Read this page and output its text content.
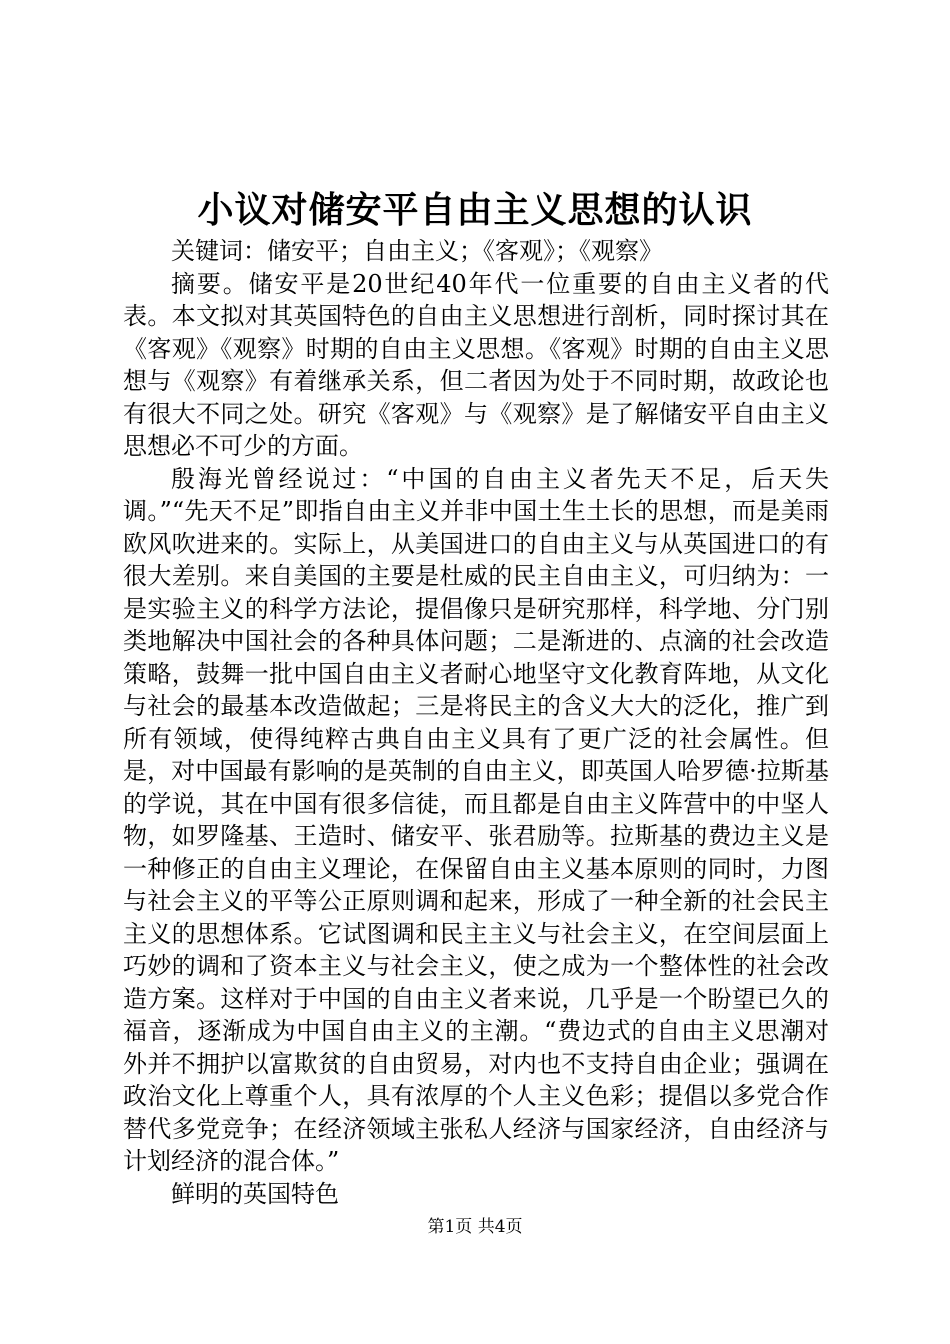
小议对储安平自由主义思想的认识

关键词：储安平；自由主义；《客观》；《观察》

摘要。储安平是20世纪40年代一位重要的自由主义者的代表。本文拟对其英国特色的自由主义思想进行剖析，同时探讨其在《客观》《观察》时期的自由主义思想。《客观》时期的自由主义思想与《观察》有着继承关系，但二者因为处于不同时期，故政论也有很大不同之处。研究《客观》与《观察》是了解储安平自由主义思想必不可少的方面。

殷海光曾经说过：“中国的自由主义者先天不足，后天失调。”“先天不足”即指自由主义并非中国土生土长的思想，而是美雨欧风吹进来的。实际上，从美国进口的自由主义与从英国进口的有很大差别。来自美国的主要是杜威的民主自由主义，可归纳为：一是实验主义的科学方法论，提倡像只是研究那样，科学地、分门别类地解决中国社会的各种具体问题；二是渐进的、点滴的社会改造策略，鼓舞一批中国自由主义者耐心地坚守文化教育阵地，从文化与社会的最基本改造做起；三是将民主的含义大大的泛化，推广到所有领域，使得纯粹古典自由主义具有了更广泛的社会属性。但是，对中国最有影响的是英制的自由主义，即英国人哈罗德·拉斯基的学说，其在中国有很多信徒，而且都是自由主义阵营中的中坚人物，如罗隆基、王造时、储安平、张君励等。拉斯基的费边主义是一种修正的自由主义理论，在保留自由主义基本原则的同时，力图与社会主义的平等公正原则调和起来，形成了一种全新的社会民主主义的思想体系。它试图调和民主主义与社会主义，在空间层面上巧妙的调和了资本主义与社会主义，使之成为一个整体性的社会改造方案。这样对于中国的自由主义者来说，几乎是一个盼望已久的福音，逐渐成为中国自由主义的主潮。“费边式的自由主义思潮对外并不拥护以富欺贫的自由贸易，对内也不支持自由企业；强调在政治文化上尊重个人，具有浓厚的个人主义色彩；提倡以多党合作替代多党竞争；在经济领域主张私人经济与国家经济，自由经济与计划经济的混合体。”

鲜明的英国特色

第1页 共4页
